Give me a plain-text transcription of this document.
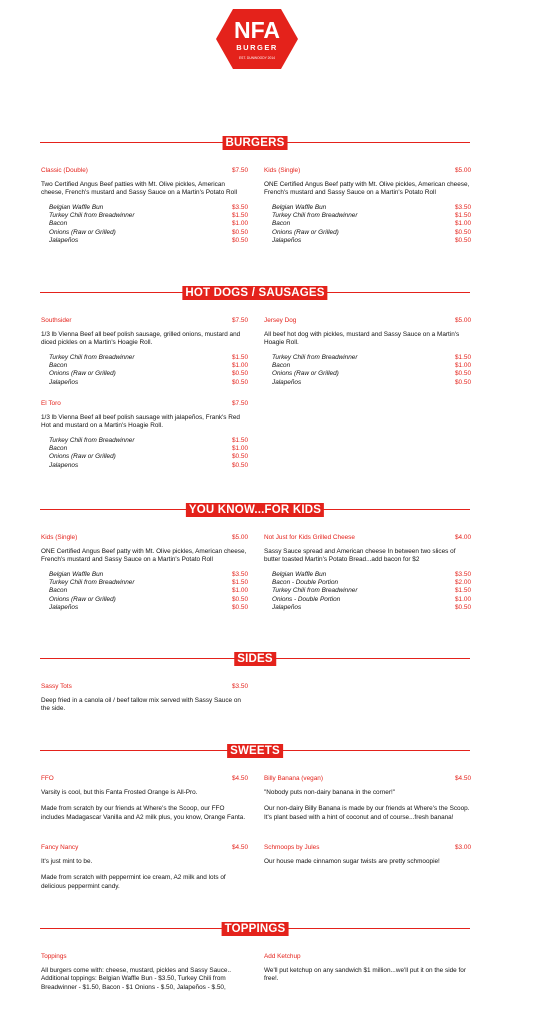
NFA
BURGER
EST. DUNWOODY 2014
BURGERS
Classic (Double)	$7.50
Two Certified Angus Beef patties with Mt. Olive pickles, American cheese, French's mustard and Sassy Sauce on a Martin's Potato Roll
Belgian Waffle Bun	$3.50
Turkey Chili from Breadwinner	$1.50
Bacon	$1.00
Onions (Raw or Grilled)	$0.50
Jalapeños	$0.50
Kids (Single)	$5.00
ONE Certified Angus Beef patty with Mt. Olive pickles, American cheese, French's mustard and Sassy Sauce on a Martin's Potato Roll
Belgian Waffle Bun	$3.50
Turkey Chili from Breadwinner	$1.50
Bacon	$1.00
Onions (Raw or Grilled)	$0.50
Jalapeños	$0.50
HOT DOGS / SAUSAGES
Southsider	$7.50
1/3 lb Vienna Beef all beef polish sausage, grilled onions, mustard and diced pickles on a Martin's Hoagie Roll.
Turkey Chili from Breadwinner	$1.50
Bacon	$1.00
Onions (Raw or Grilled)	$0.50
Jalapeños	$0.50
El Toro	$7.50
1/3 lb Vienna Beef all beef polish sausage with jalapeños, Frank's Red Hot and mustard on a Martin's Hoagie Roll.
Turkey Chili from Breadwinner	$1.50
Bacon	$1.00
Onions (Raw or Grilled)	$0.50
Jalapenos	$0.50
Jersey Dog	$5.00
All beef hot dog with pickles, mustard and Sassy Sauce on a Martin's Hoagie Roll.
Turkey Chili from Breadwinner	$1.50
Bacon	$1.00
Onions (Raw or Grilled)	$0.50
Jalapeños	$0.50
YOU KNOW...FOR KIDS
Kids (Single)	$5.00
ONE Certified Angus Beef patty with Mt. Olive pickles, American cheese, French's mustard and Sassy Sauce on a Martin's Potato Roll
Belgian Waffle Bun	$3.50
Turkey Chili from Breadwinner	$1.50
Bacon	$1.00
Onions (Raw or Grilled)	$0.50
Jalapeños	$0.50
Not Just for Kids Grilled Cheese	$4.00
Sassy Sauce spread and American cheese In between two slices of butter toasted Martin's Potato Bread...add bacon for $2
Belgian Waffle Bun	$3.50
Bacon - Double Portion	$2.00
Turkey Chili from Breadwinner	$1.50
Onions - Double Portion	$1.00
Jalapeños	$0.50
SIDES
Sassy Tots	$3.50
Deep fried in a canola oil / beef tallow mix served with Sassy Sauce on the side.
SWEETS
FFO	$4.50
Varsity is cool, but this Fanta Frosted Orange is All-Pro.
Made from scratch by our friends at Where's the Scoop, our FFO includes Madagascar Vanilla and A2 milk plus, you know, Orange Fanta.
Fancy Nancy	$4.50
It's just mint to be.
Made from scratch with peppermint ice cream, A2 milk and lots of delicious peppermint candy.
Billy Banana (vegan)	$4.50
"Nobody puts non-dairy banana in the corner!"
Our non-dairy Billy Banana is made by our friends at Where's the Scoop. It's plant based with a hint of coconut and of course...fresh banana!
Schmoops by Jules	$3.00
Our house made cinnamon sugar twists are pretty schmoopie!
TOPPINGS
Toppings
All burgers come with: cheese, mustard, pickles and Sassy Sauce.. Additional toppings: Belgian Waffle Bun - $3.50, Turkey Chili from Breadwinner - $1.50, Bacon - $1 Onions - $.50, Jalapeños - $.50,
Add Ketchup
We'll put ketchup on any sandwich $1 million...we'll put it on the side for free!.
